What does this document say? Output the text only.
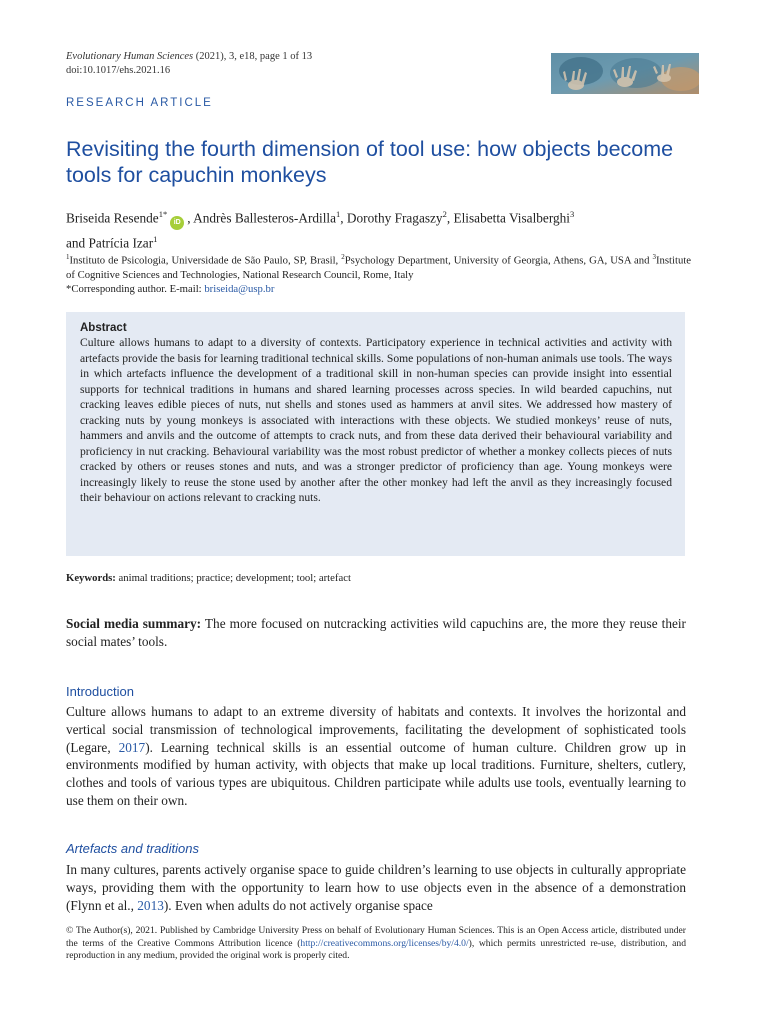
Evolutionary Human Sciences (2021), 3, e18, page 1 of 13
doi:10.1017/ehs.2021.16
RESEARCH ARTICLE
Revisiting the fourth dimension of tool use: how objects become tools for capuchin monkeys
Briseida Resende$^{1*}$iD , Andrès Ballesteros-Ardilla$^1$, Dorothy Fragaszy$^2$, Elisabetta Visalberghi$^3$
and Patrícia Izar$^1$
$^1$Instituto de Psicologia, Universidade de São Paulo, SP, Brasil, $^2$Psychology Department, University of Georgia, Athens, GA, USA and $^3$Institute of Cognitive Sciences and Technologies, National Research Council, Rome, Italy
*Corresponding author. E-mail: briseida@usp.br
Abstract

Culture allows humans to adapt to a diversity of contexts. Participatory experience in technical activities and activity with artefacts provide the basis for learning traditional technical skills. Some populations of non-human animals use tools. The ways in which artefacts influence the development of a traditional skill in non-human species can provide insight into essential supports for technical traditions in humans and shared learning processes across species. In wild bearded capuchins, nut cracking leaves edible pieces of nuts, nut shells and stones used as hammers at anvil sites. We addressed how mastery of cracking nuts by young monkeys is associated with interactions with these objects. We studied monkeys’ reuse of nuts, hammers and anvils and the outcome of attempts to crack nuts, and from these data derived their behavioural variability and proficiency in nut cracking. Behavioural variability was the most robust predictor of whether a monkey collects pieces of nuts cracked by others or reuses stones and nuts, and was a stronger predictor of proficiency than age. Young monkeys were increasingly likely to reuse the stone used by another after the other monkey had left the anvil as they increasingly focused their behaviour on actions relevant to cracking nuts.

Keywords: animal traditions; practice; development; tool; artefact

Social media summary: The more focused on nutcracking activities wild capuchins are, the more they reuse their social mates’ tools.

Introduction

Culture allows humans to adapt to an extreme diversity of habitats and contexts. It involves the horizontal and vertical social transmission of technological improvements, facilitating the development of sophisticated tools (Legare, 2017). Learning technical skills is an essential outcome of human culture. Children grow up in environments modified by human activity, with objects that make up local traditions. Furniture, shelters, cutlery, clothes and tools of various types are ubiquitous. Children participate while adults use tools, eventually learning to use them on their own.

Artefacts and traditions

In many cultures, parents actively organise space to guide children’s learning to use objects in culturally appropriate ways, providing them with the opportunity to learn how to use objects even in the absence of a demonstration (Flynn et al., 2013). Even when adults do not actively organise space

© The Author(s), 2021. Published by Cambridge University Press on behalf of Evolutionary Human Sciences. This is an Open Access article, distributed under the terms of the Creative Commons Attribution licence (http://creativecommons.org/licenses/by/4.0/), which permits unrestricted re-use, distribution, and reproduction in any medium, provided the original work is properly cited.
